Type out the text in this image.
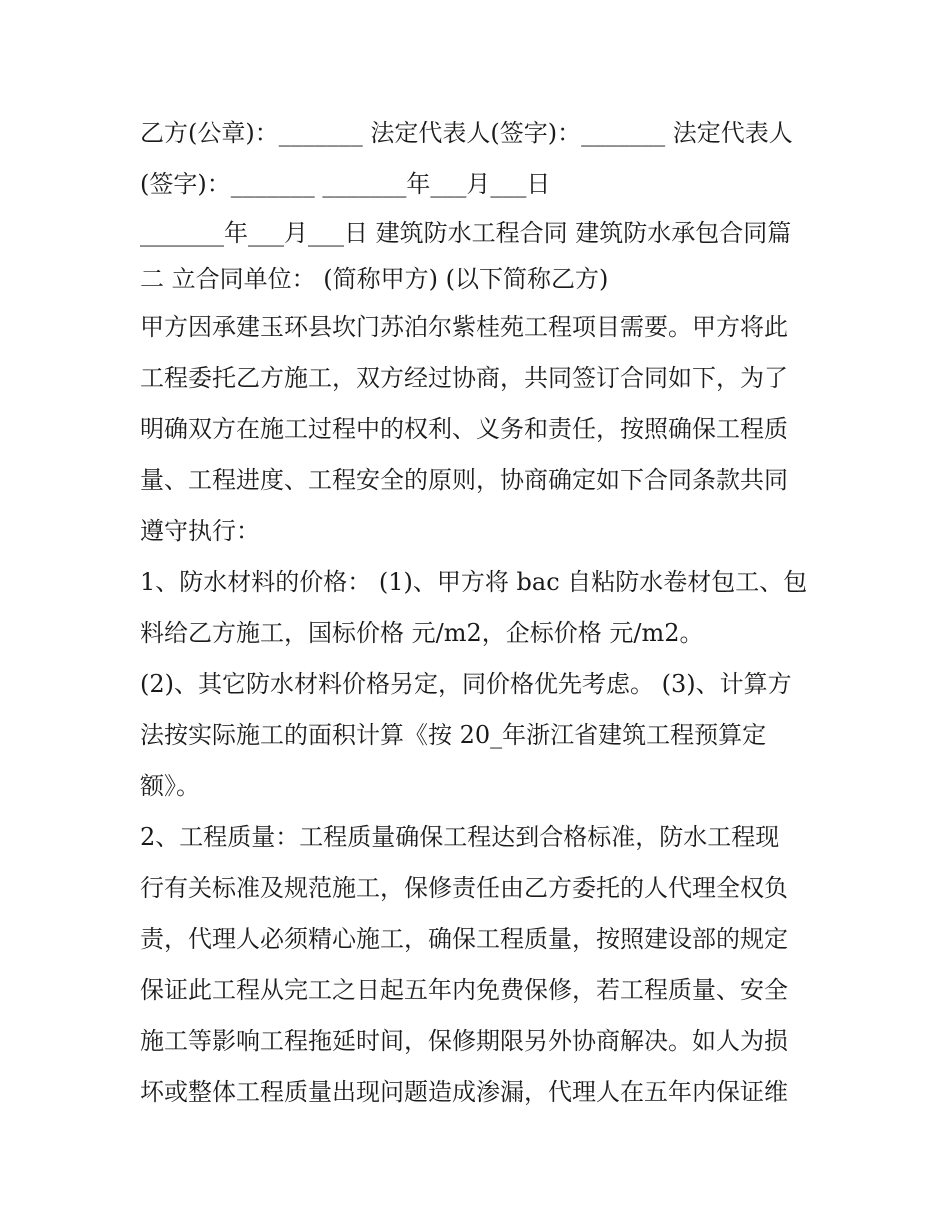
乙方(公章)：_______ 法定代表人(签字)：_______ 法定代表人
(签字)：_______ _______年___月___日
_______年___月___日 建筑防水工程合同 建筑防水承包合同篇
二 立合同单位： (简称甲方) (以下简称乙方)
甲方因承建玉环县坎门苏泊尔紫桂苑工程项目需要。甲方将此
工程委托乙方施工，双方经过协商，共同签订合同如下，为了
明确双方在施工过程中的权利、义务和责任，按照确保工程质
量、工程进度、工程安全的原则，协商确定如下合同条款共同
遵守执行：
1、防水材料的价格： (1)、甲方将 bac 自粘防水卷材包工、包
料给乙方施工，国标价格 元/m2，企标价格 元/m2。
(2)、其它防水材料价格另定，同价格优先考虑。 (3)、计算方
法按实际施工的面积计算《按 20_年浙江省建筑工程预算定
额》。
2、工程质量：工程质量确保工程达到合格标准，防水工程现
行有关标准及规范施工，保修责任由乙方委托的人代理全权负
责，代理人必须精心施工，确保工程质量，按照建设部的规定
保证此工程从完工之日起五年内免费保修，若工程质量、安全
施工等影响工程拖延时间，保修期限另外协商解决。如人为损
坏或整体工程质量出现问题造成渗漏，代理人在五年内保证维
